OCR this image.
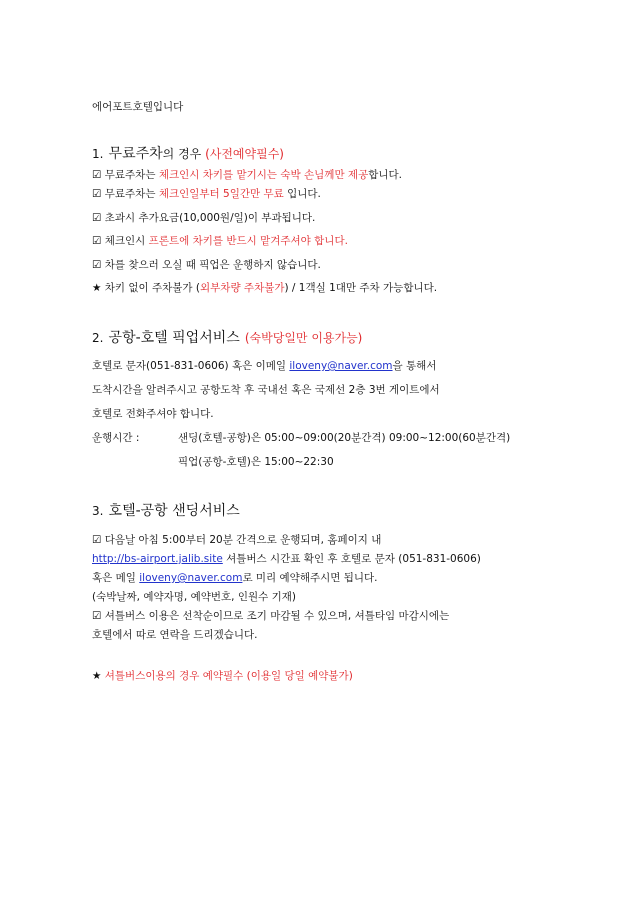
에어포트호텔입니다
1. 무료주차의 경우 (사전예약필수)
☑ 무료주차는 체크인시 차키를 맡기시는 숙박 손님께만 제공합니다.
☑ 무료주차는 체크인일부터 5일간만 무료 입니다.
☑ 초과시 추가요금(10,000원/일)이 부과됩니다.
☑ 체크인시 프론트에 차키를 반드시 맡겨주셔야 합니다.
☑ 차를 찾으러 오실 때 픽업은 운행하지 않습니다.
★ 차키 없이 주차불가 (외부차량 주차불가) / 1객실 1대만 주차 가능합니다.
2. 공항-호텔 픽업서비스 (숙박당일만 이용가능)
호텔로 문자(051-831-0606) 혹은 이메일 iloveny@naver.com을 통해서
도착시간을 알려주시고 공항도착 후 국내선 혹은 국제선 2층 3번 게이트에서
호텔로 전화주셔야 합니다.
운행시간 :	샌딩(호텔-공항)은 05:00~09:00(20분간격) 09:00~12:00(60분간격)
픽업(공항-호텔)은 15:00~22:30
3. 호텔-공항 샌딩서비스
☑ 다음날 아침 5:00부터 20분 간격으로 운행되며, 홈페이지 내
http://bs-airport.jalib.site 셔틀버스 시간표 확인 후 호텔로 문자 (051-831-0606)
혹은 메일 iloveny@naver.com로 미리 예약해주시면 됩니다.
(숙박날짜, 예약자명, 예약번호, 인원수 기재)
☑ 셔틀버스 이용은 선착순이므로 조기 마감될 수 있으며, 셔틀타임 마감시에는
호텔에서 따로 연락을 드리겠습니다.
★ 셔틀버스이용의 경우 예약필수 (이용일 당일 예약불가)
